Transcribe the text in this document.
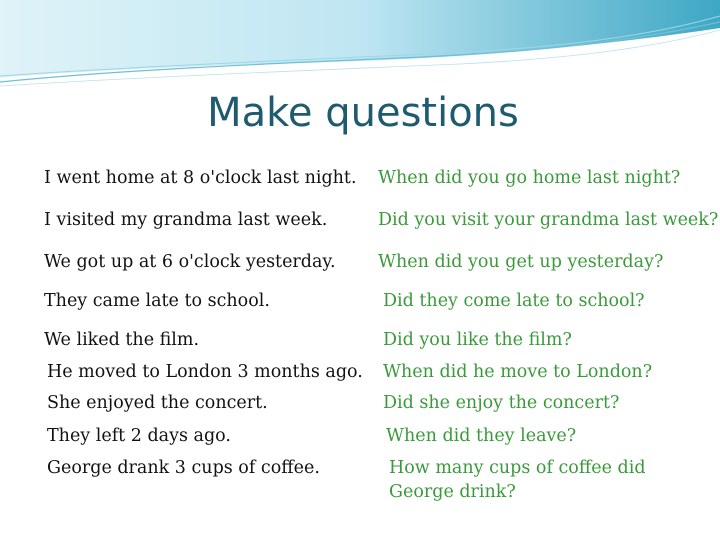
Make questions
I went home at 8 o'clock last night. When did you go home last night?
I visited my grandma last week.	Did you visit your grandma last week?
We got up at 6 o'clock yesterday. When did you get up yesterday?
They came late to school.	Did they come late to school?
We liked the film.	Did you like the film?
He moved to London 3 months ago. When did he move to London?
She enjoyed the concert.	Did she enjoy the concert?
They left 2 days ago.	When did they leave?
George drank 3 cups of coffee.	How many cups of coffee did
George drink?
